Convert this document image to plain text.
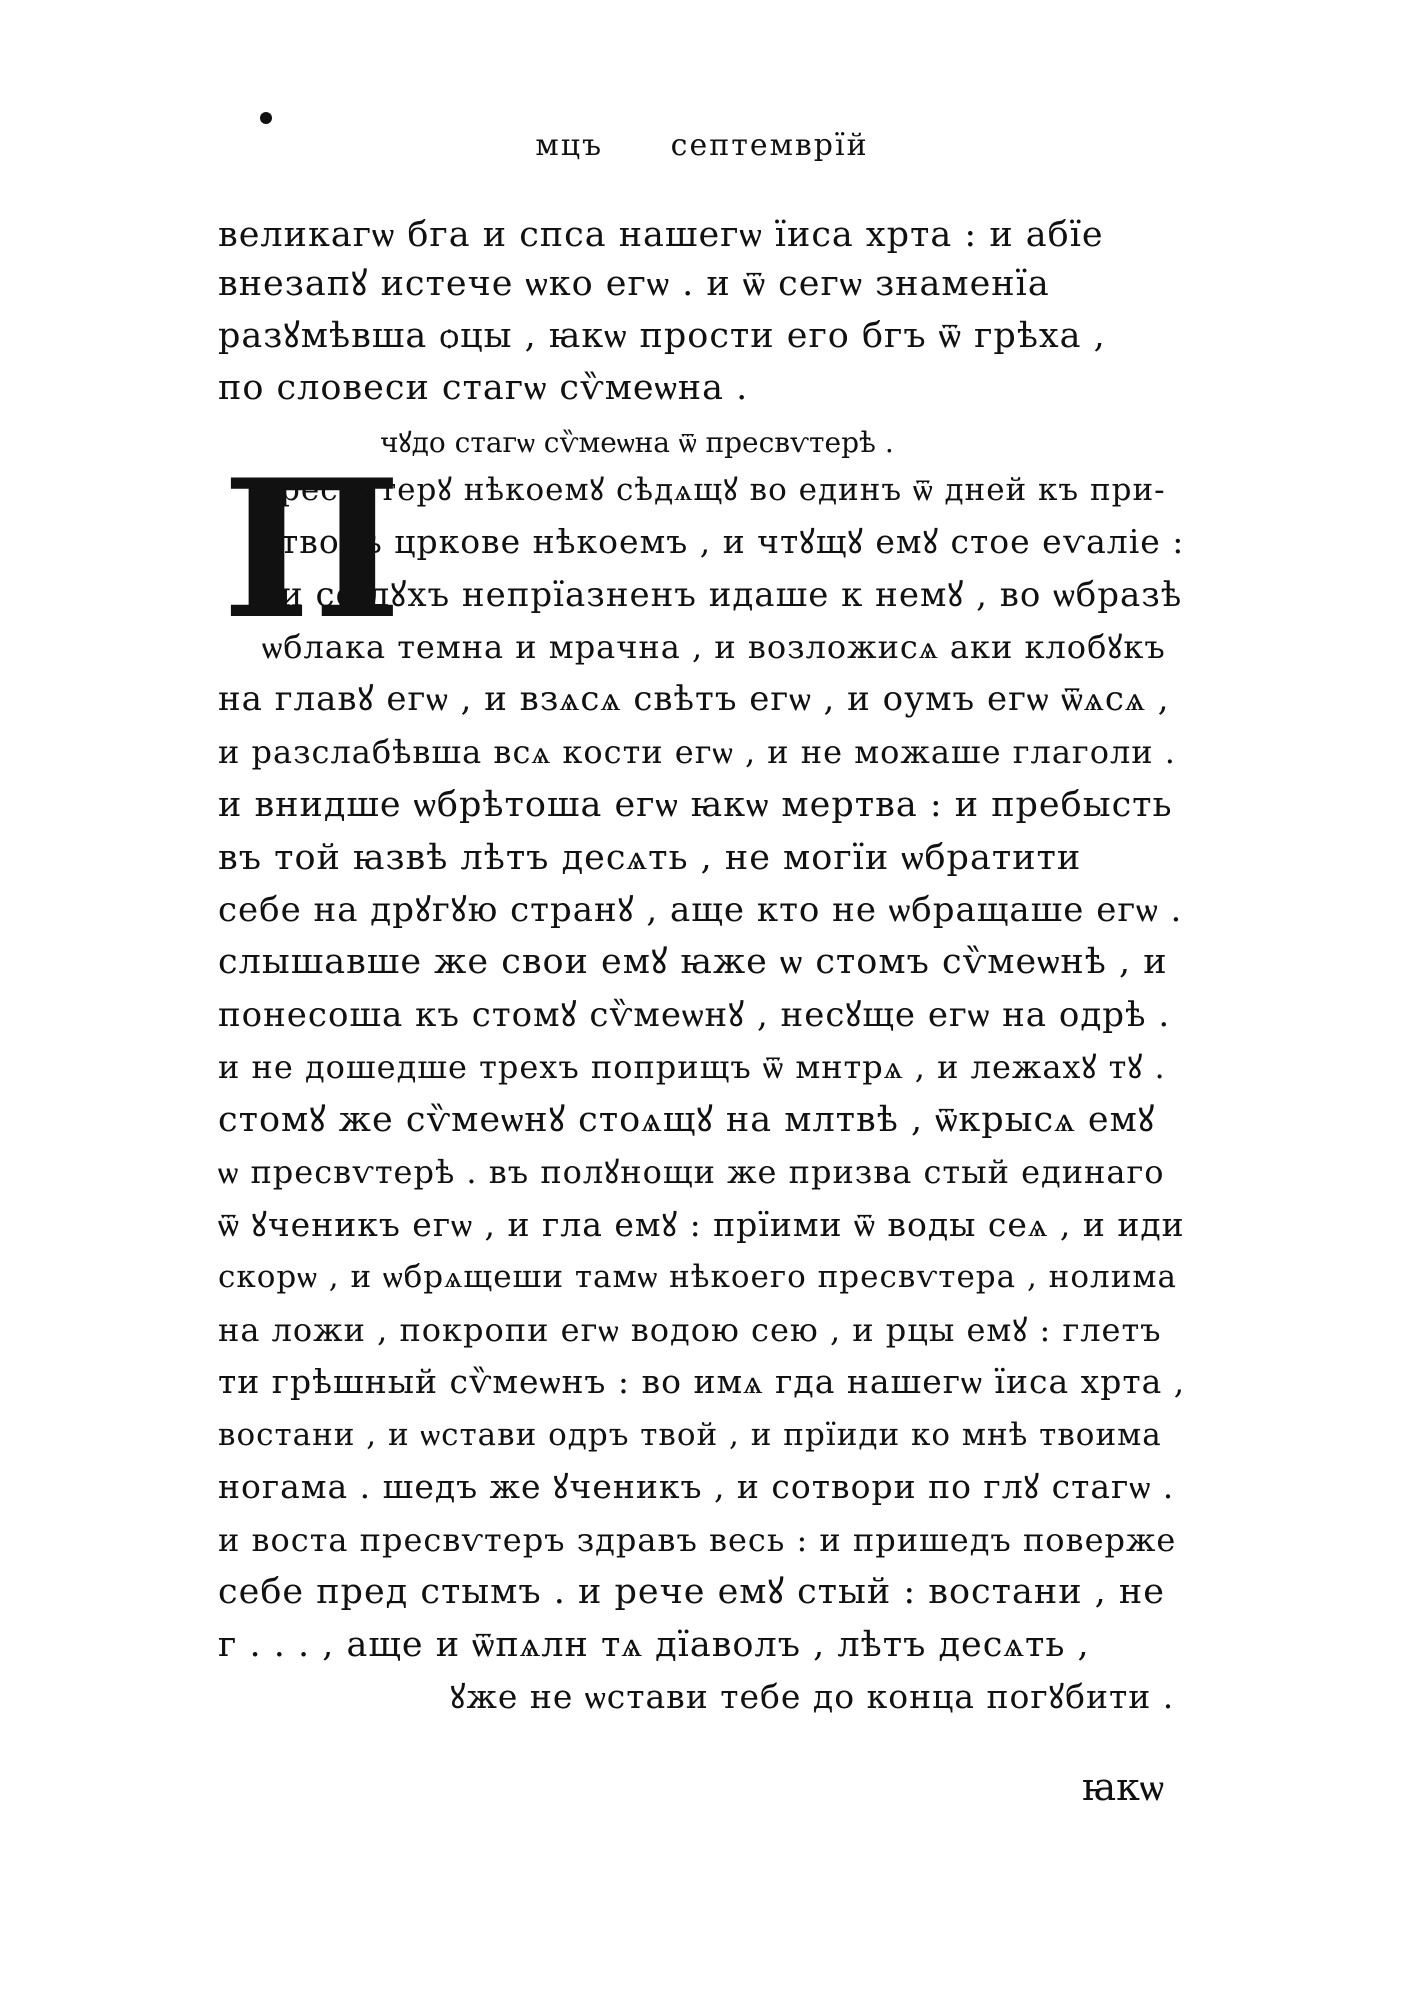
мцъ септемврїй
великагѡ бга и спса нашегѡ їиса хрта : и абїе
внезапꙋ истече ѡко егѡ . и ѿ сегѡ знаменїа
разꙋмѣвша ѻцы , ꙗкѡ прости его бгъ ѿ грѣха ,
по словеси стагѡ сѷмеѡна .
чꙋдо стагѡ сѷмеѡна ѿ пресвѵтерѣ .
П
ресвѵтерꙋ нѣкоемꙋ сѣдѧщꙋ во единъ ѿ дней къ при-
творѣ цркове нѣкоемъ , и чтꙋщꙋ емꙋ стое еѵаліе :
и се дꙋхъ непрїазненъ идаше к немꙋ , во ѡбразѣ
ѡблака темна и мрачна , и возложисѧ аки клобꙋкъ
на главꙋ егѡ , и взѧсѧ свѣтъ егѡ , и оумъ егѡ ѿѧсѧ ,
и разслабѣвша всѧ кости егѡ , и не можаше глаголи .
и внидше ѡбрѣтоша егѡ ꙗкѡ мертва : и пребысть
въ той ꙗзвѣ лѣтъ десѧть , не могїи ѡбратити
себе на дрꙋгꙋю странꙋ , аще кто не ѡбращаше егѡ .
слышавше же свои емꙋ ꙗже ѡ стомъ сѷмеѡнѣ , и
понесоша къ стомꙋ сѷмеѡнꙋ , несꙋще егѡ на одрѣ .
и не дошедше трехъ поприщъ ѿ мнтрѧ , и лежахꙋ тꙋ .
стомꙋ же сѷмеѡнꙋ стоѧщꙋ на млтвѣ , ѿкрысѧ емꙋ
ѡ пресвѵтерѣ . въ полꙋнощи же призва стый единаго
ѿ ꙋченикъ егѡ , и гла емꙋ : прїими ѿ воды сеѧ , и иди
скорѡ , и ѡбрѧщеши тамѡ нѣкоего пресвѵтера , нолима
на ложи , покропи егѡ водою сею , и рцы емꙋ : глетъ
ти грѣшный сѷмеѡнъ : во имѧ гда нашегѡ їиса хрта ,
востани , и ѡстави одръ твой , и прїиди ко мнѣ твоима
ногама . шедъ же ꙋченикъ , и сотвори по глꙋ стагѡ .
и воста пресвѵтеръ здравъ весь : и пришедъ поверже
себе пред стымъ . и рече емꙋ стый : востани , не
г . . . , аще и ѿпѧлн тѧ дїаволъ , лѣтъ десѧть ,
ꙋже не ѡстави тебе до конца погꙋбити .
ꙗкѡ
